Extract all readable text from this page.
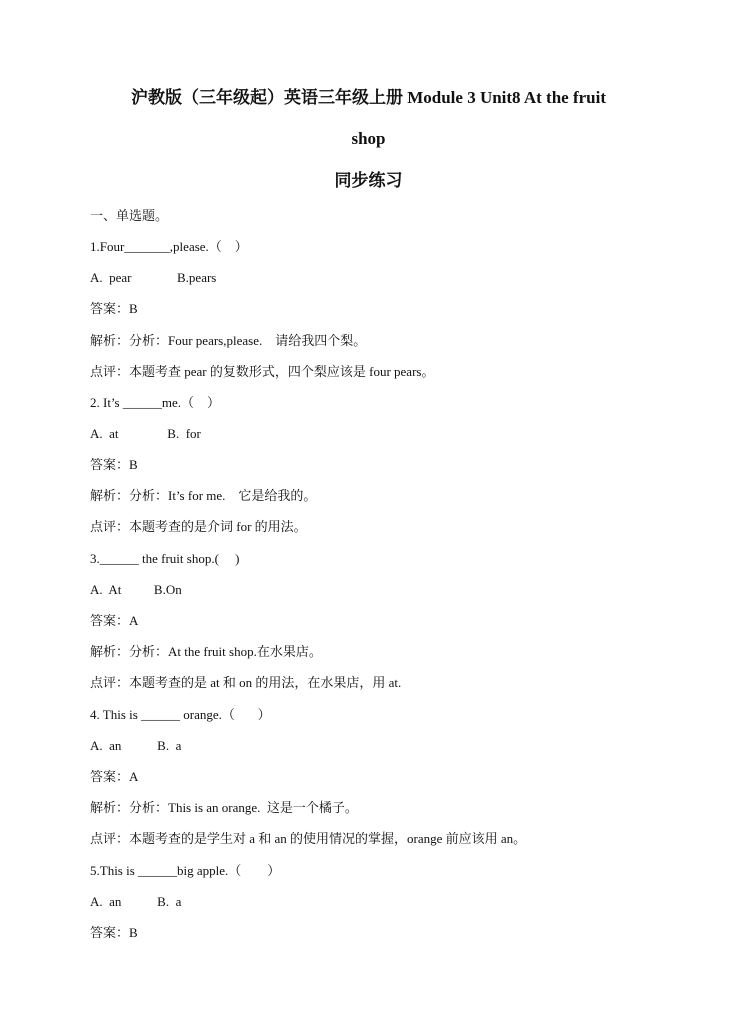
沪教版（三年级起）英语三年级上册 Module 3 Unit8 At the fruit
shop
同步练习
一、单选题。
1.Four_______,please.（    ）
A.  pear              B.pears
答案：B
解析：分析：Four pears,please.    请给我四个梨。
点评：本题考查 pear 的复数形式，四个梨应该是 four pears。
2. It’s ______me.（    ）
A.  at               B.  for
答案：B
解析：分析：It’s for me.    它是给我的。
点评：本题考查的是介词 for 的用法。
3.______ the fruit shop.(     )
A.  At          B.On
答案：A
解析：分析：At the fruit shop.在水果店。
点评：本题考查的是 at 和 on 的用法，在水果店，用 at.
4. This is ______ orange.（       ）
A.  an           B.  a
答案：A
解析：分析：This is an orange.  这是一个橘子。
点评：本题考查的是学生对 a 和 an 的使用情况的掌握，orange 前应该用 an。
5.This is ______big apple.（        ）
A.  an           B.  a
答案：B
